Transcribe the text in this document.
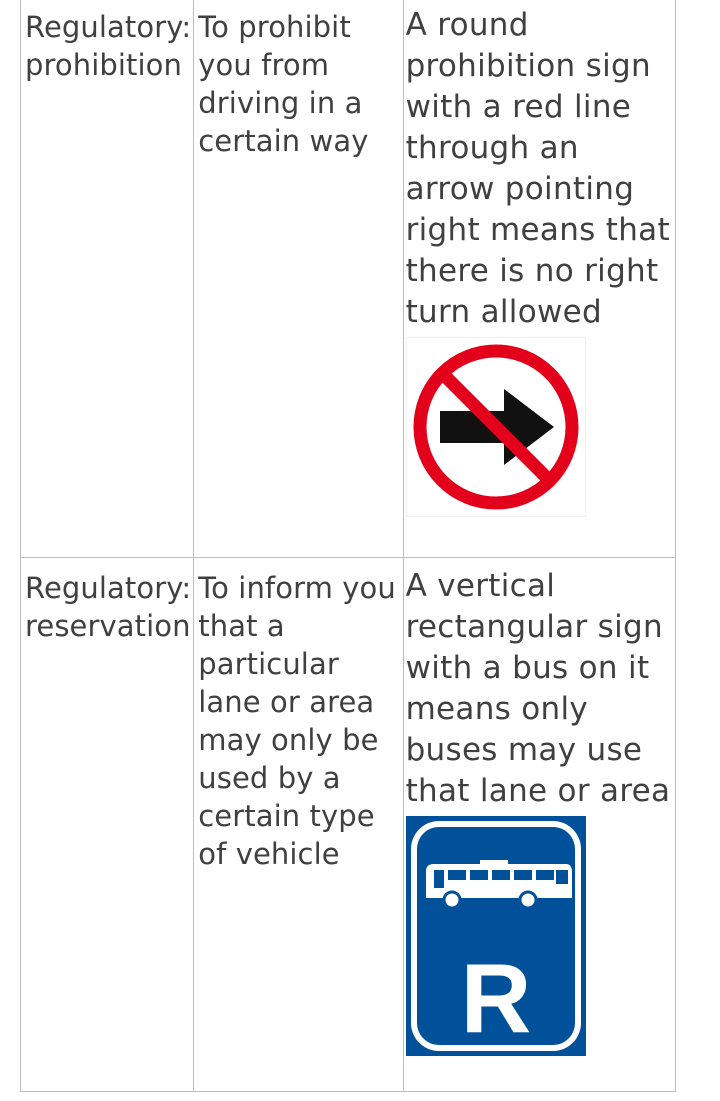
Regulatory: prohibition	To prohibit you from driving in a certain way	A round prohibition sign with a red line through an arrow pointing right means that there is no right turn allowed

Regulatory: reservation	To inform you that a particular lane or area may only be used by a certain type of vehicle	A vertical rectangular sign with a bus on it means only buses may use that lane or area
R
